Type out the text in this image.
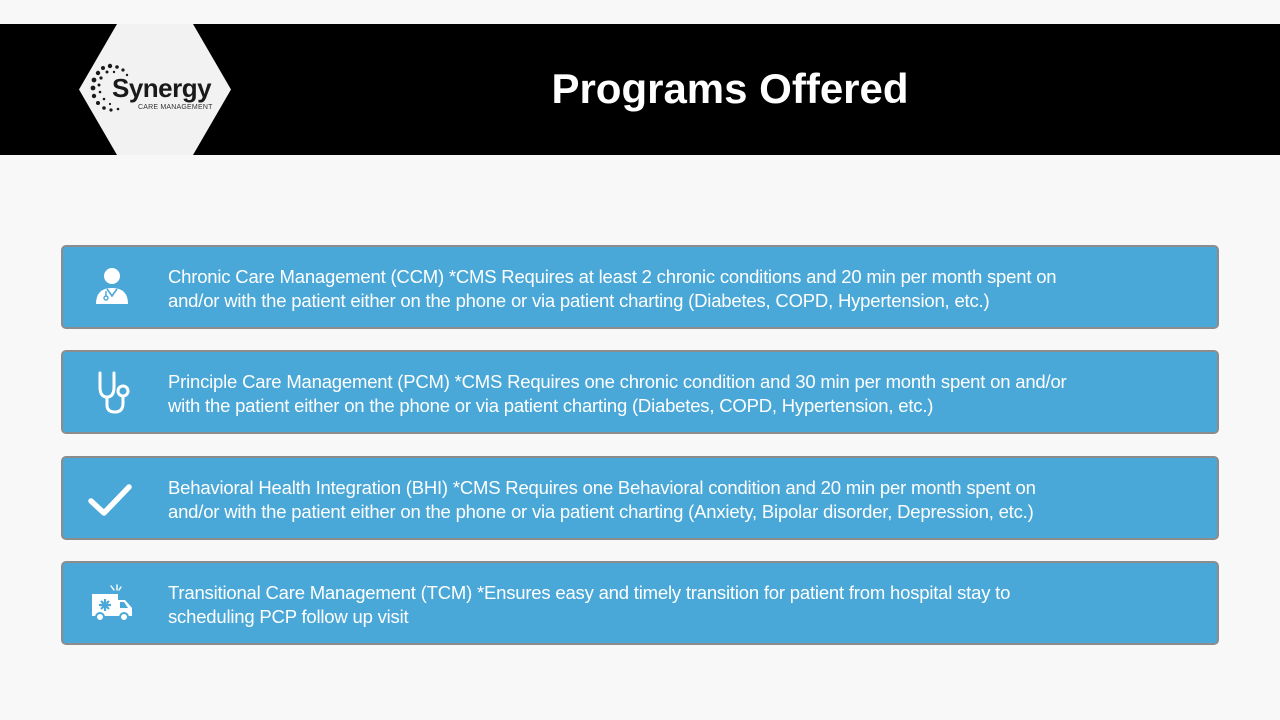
Synergy
CARE MANAGEMENT	Programs Offered
Chronic Care Management (CCM) *CMS Requires at least 2 chronic conditions and 20 min per month spent on
and/or with the patient either on the phone or via patient charting (Diabetes, COPD, Hypertension, etc.)
Principle Care Management (PCM) *CMS Requires one chronic condition and 30 min per month spent on and/or
with the patient either on the phone or via patient charting (Diabetes, COPD, Hypertension, etc.)
Behavioral Health Integration (BHI) *CMS Requires one Behavioral condition and 20 min per month spent on
and/or with the patient either on the phone or via patient charting (Anxiety, Bipolar disorder, Depression, etc.)
Transitional Care Management (TCM) *Ensures easy and timely transition for patient from hospital stay to
scheduling PCP follow up visit
